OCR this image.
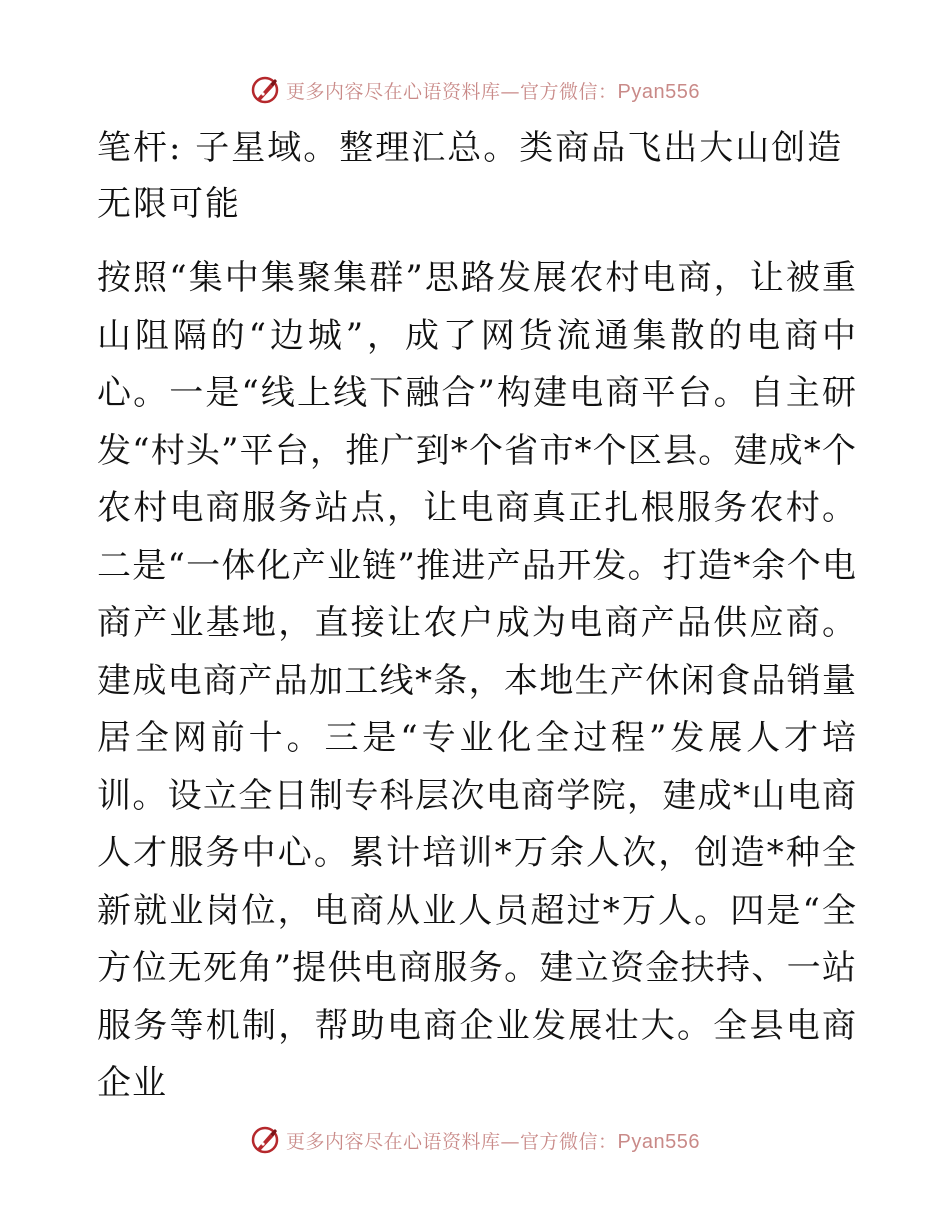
更多内容尽在心语资料库—官方微信：Pyan556
笔杆: 子星域。整理汇总。类商品飞出大山创造无限可能

按照“集中集聚集群”思路发展农村电商，让被重山阻隔的“边城”，成了网货流通集散的电商中心。一是“线上线下融合”构建电商平台。自主研发“村头”平台，推广到*个省市*个区县。建成*个农村电商服务站点，让电商真正扎根服务农村。二是“一体化产业链”推进产品开发。打造*余个电商产业基地，直接让农户成为电商产品供应商。建成电商产品加工线*条，本地生产休闲食品销量居全网前十。三是“专业化全过程”发展人才培训。设立全日制专科层次电商学院，建成*山电商人才服务中心。累计培训*万余人次，创造*种全新就业岗位，电商从业人员超过*万人。四是“全方位无死角”提供电商服务。建立资金扶持、一站服务等机制，帮助电商企业发展壮大。全县电商企业

更多内容尽在心语资料库—官方微信：Pyan556
